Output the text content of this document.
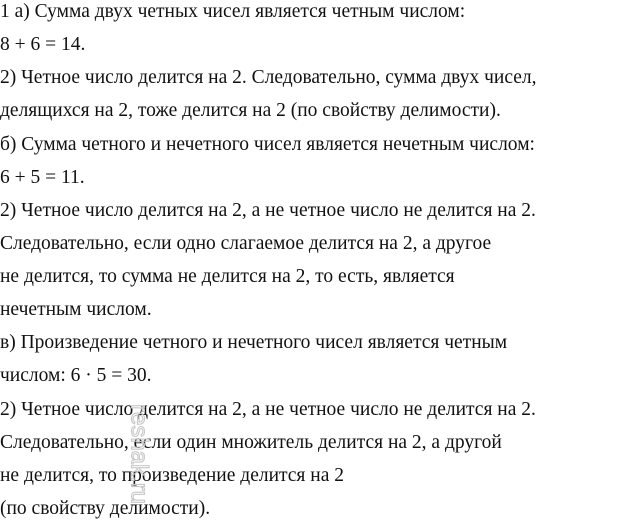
1 а) Сумма двух четных чисел является четным числом:
8 + 6 = 14.
2) Четное число делится на 2. Следовательно, сумма двух чисел,
делящихся на 2, тоже делится на 2 (по свойству делимости).
б) Сумма четного и нечетного чисел является нечетным числом:
6 + 5 = 11.
2) Четное число делится на 2, а не четное число не делится на 2.
Следовательно, если одно слагаемое делится на 2, а другое
не делится, то сумма не делится на 2, то есть, является
нечетным числом.
в) Произведение четного и нечетного чисел является четным
числом: 6 · 5 = 30.
2) Четное число делится на 2, а не четное число не делится на 2.
Следовательно, если один множитель делится на 2, а другой
не делится, то произведение делится на 2
(по свойству делимости).
reshak.ru
